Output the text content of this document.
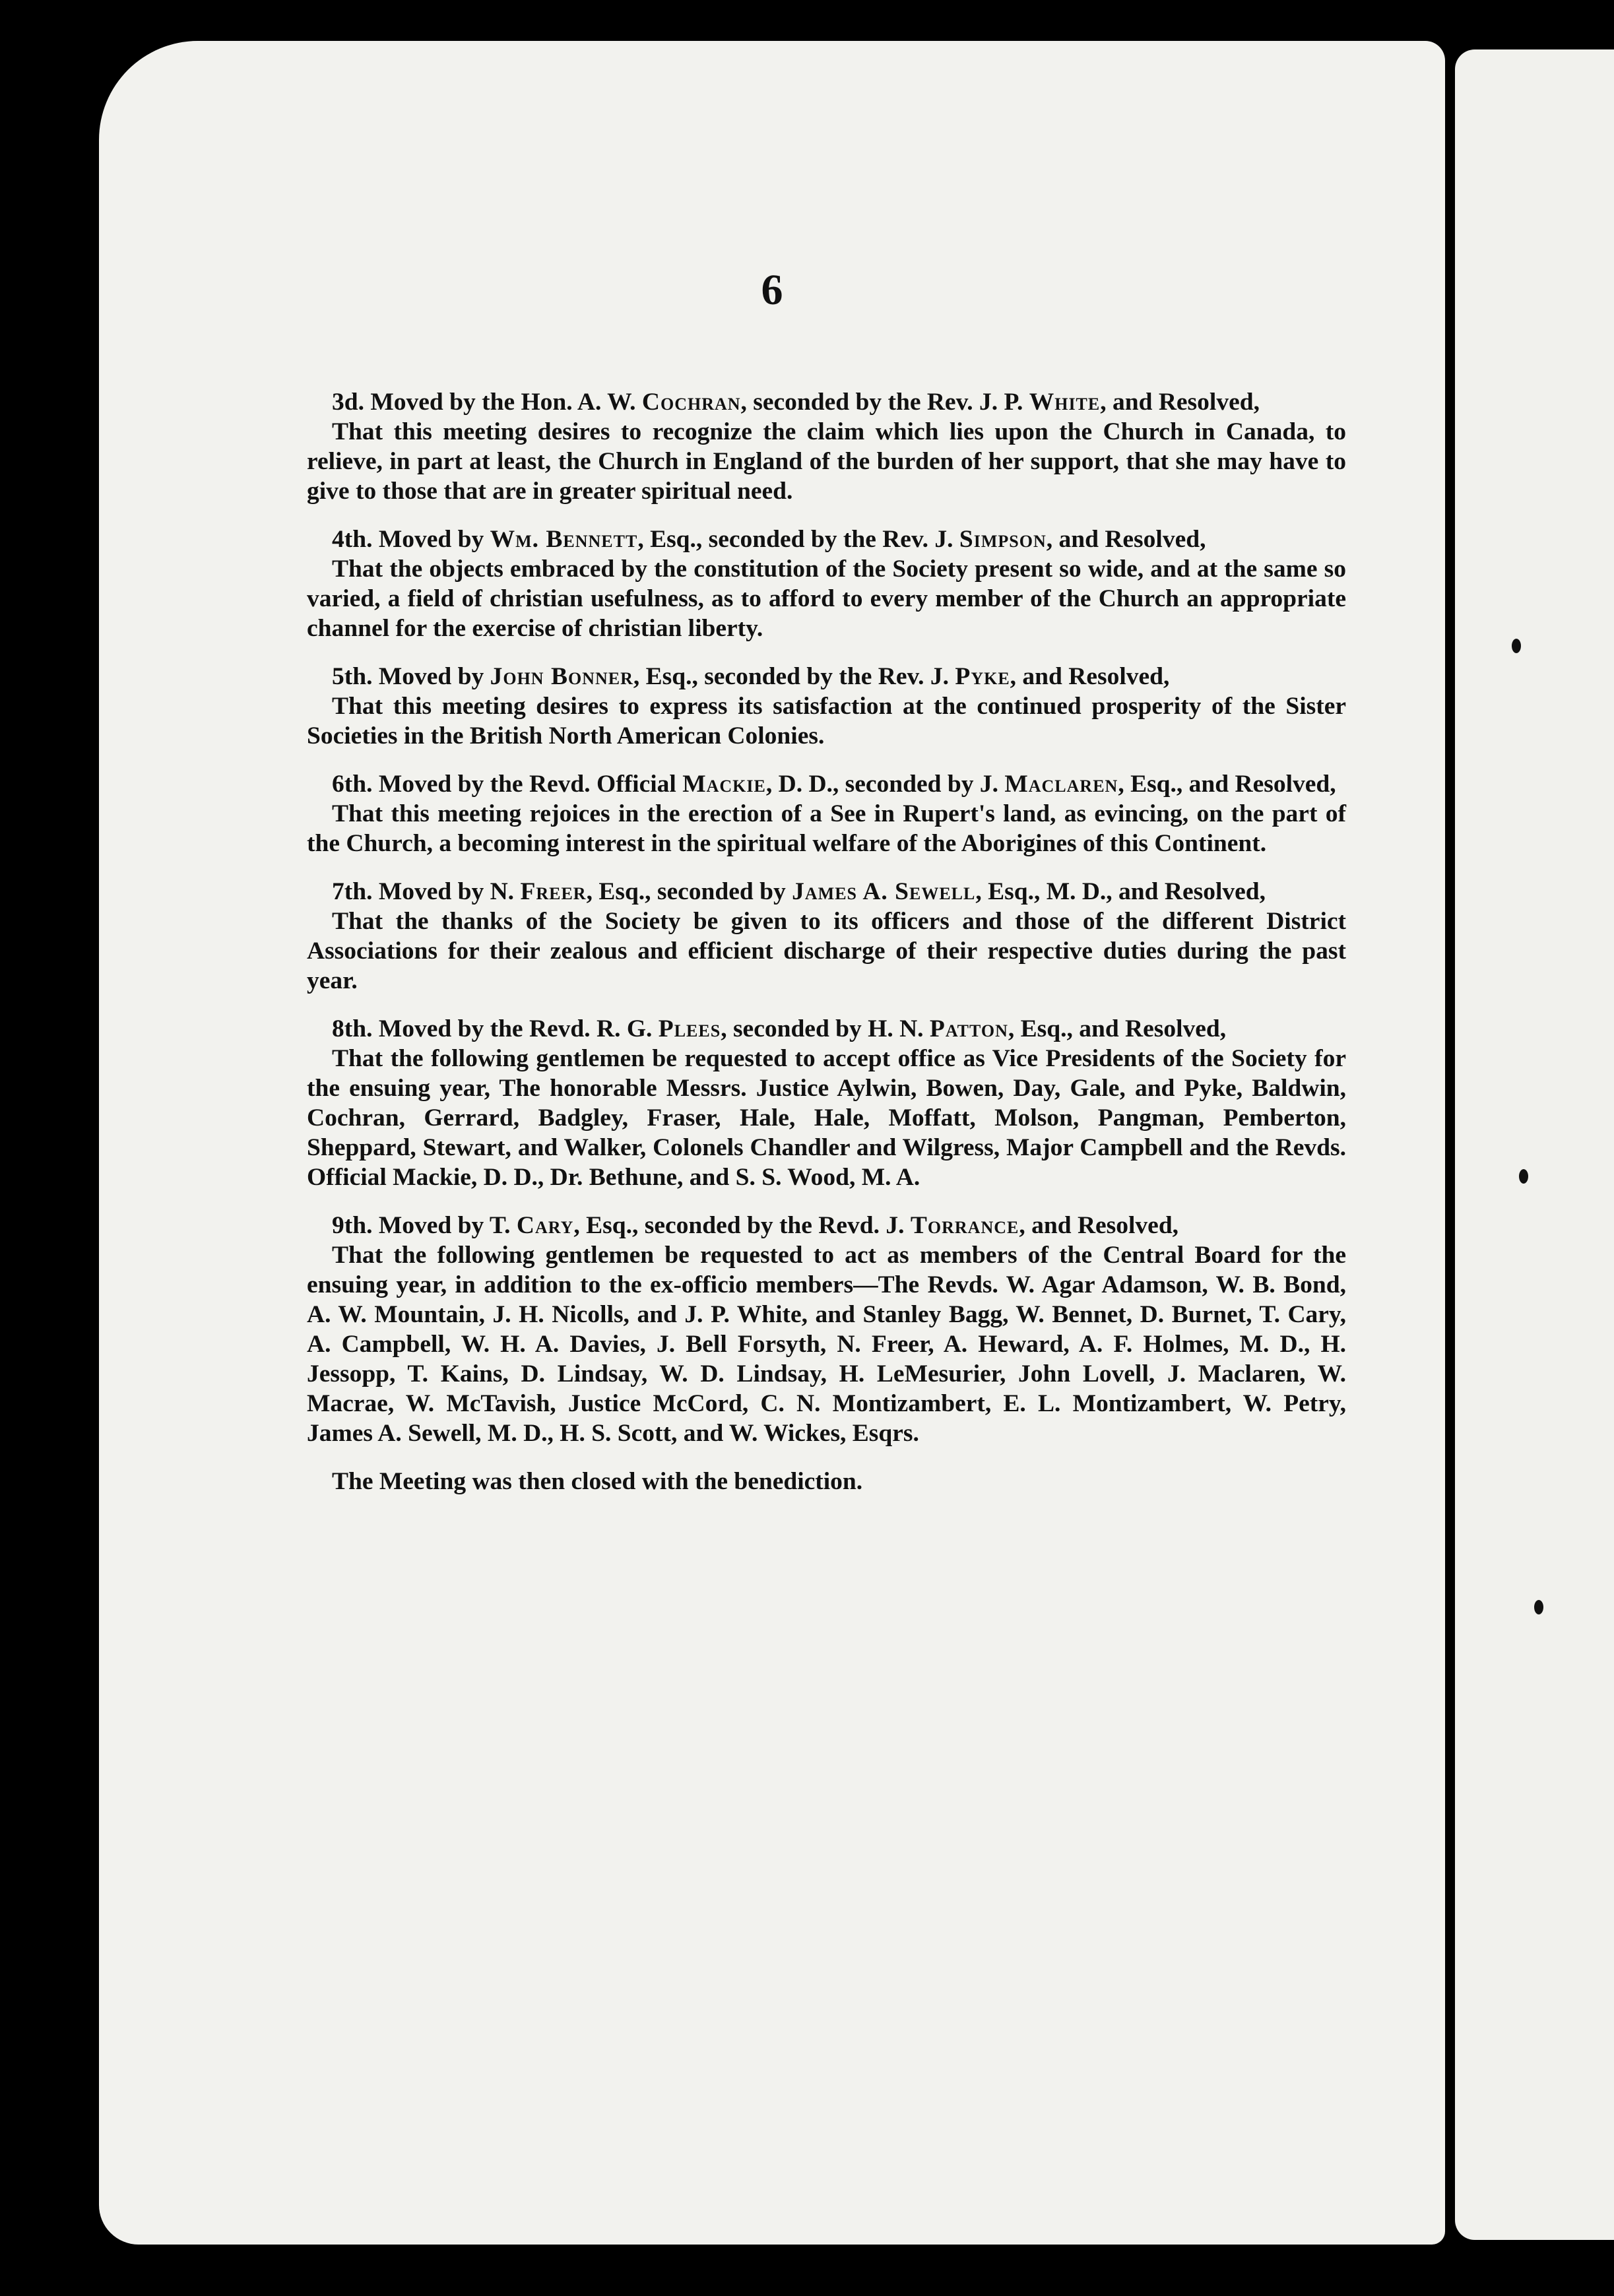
6

3d. Moved by the Hon. A. W. Cochran, seconded by the Rev. J. P. White, and Resolved,

That this meeting desires to recognize the claim which lies upon the Church in Canada, to relieve, in part at least, the Church in England of the burden of her support, that she may have to give to those that are in greater spiritual need.

4th. Moved by Wm. Bennett, Esq., seconded by the Rev. J. Simpson, and Resolved,

That the objects embraced by the constitution of the Society present so wide, and at the same so varied, a field of christian usefulness, as to afford to every member of the Church an appropriate channel for the exercise of christian liberty.

5th. Moved by John Bonner, Esq., seconded by the Rev. J. Pyke, and Resolved,

That this meeting desires to express its satisfaction at the continued prosperity of the Sister Societies in the British North American Colonies.

6th. Moved by the Revd. Official Mackie, D. D., seconded by J. Maclaren, Esq., and Resolved,

That this meeting rejoices in the erection of a See in Rupert's land, as evincing, on the part of the Church, a becoming interest in the spiritual welfare of the Aborigines of this Continent.

7th. Moved by N. Freer, Esq., seconded by James A. Sewell, Esq., M. D., and Resolved,

That the thanks of the Society be given to its officers and those of the different District Associations for their zealous and efficient discharge of their respective duties during the past year.

8th. Moved by the Revd. R. G. Plees, seconded by H. N. Patton, Esq., and Resolved,

That the following gentlemen be requested to accept office as Vice Presidents of the Society for the ensuing year, The honorable Messrs. Justice Aylwin, Bowen, Day, Gale, and Pyke, Baldwin, Cochran, Gerrard, Badgley, Fraser, Hale, Hale, Moffatt, Molson, Pangman, Pemberton, Sheppard, Stewart, and Walker, Colonels Chandler and Wilgress, Major Campbell and the Revds. Official Mackie, D. D., Dr. Bethune, and S. S. Wood, M. A.

9th. Moved by T. Cary, Esq., seconded by the Revd. J. Torrance, and Resolved,

That the following gentlemen be requested to act as members of the Central Board for the ensuing year, in addition to the ex-officio members—The Revds. W. Agar Adamson, W. B. Bond, A. W. Mountain, J. H. Nicolls, and J. P. White, and Stanley Bagg, W. Bennet, D. Burnet, T. Cary, A. Campbell, W. H. A. Davies, J. Bell Forsyth, N. Freer, A. Heward, A. F. Holmes, M. D., H. Jessopp, T. Kains, D. Lindsay, W. D. Lindsay, H. LeMesurier, John Lovell, J. Maclaren, W. Macrae, W. McTavish, Justice McCord, C. N. Montizambert, E. L. Montizambert, W. Petry, James A. Sewell, M. D., H. S. Scott, and W. Wickes, Esqrs.

The Meeting was then closed with the benediction.
